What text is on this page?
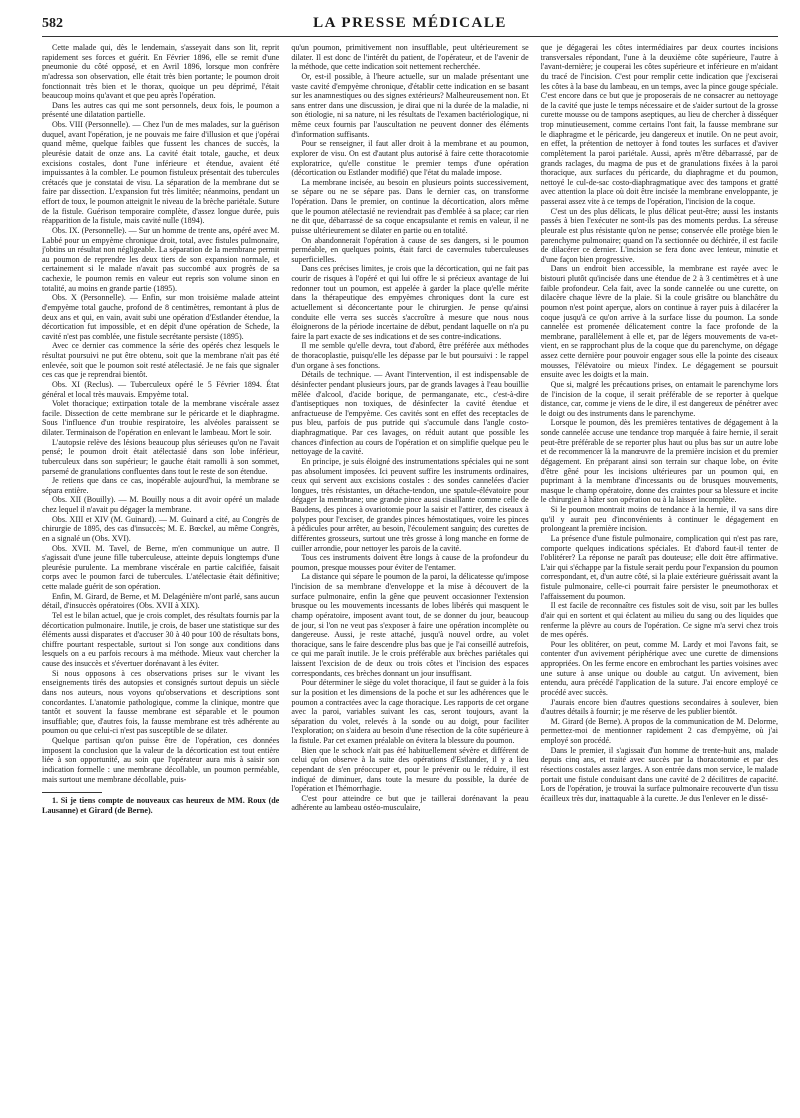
582	LA PRESSE MÉDICALE

Cette malade qui, dès le lendemain, s'asseyait dans son lit, reprit rapidement ses forces et guérit. En Février 1896, elle se remit d'une pneumonie du côté opposé, et en Avril 1896, lorsque mon confrère m'adressa son observation, elle était très bien portante; le poumon droit fonctionnait très bien et le thorax, quoique un peu déprimé, l'était beaucoup moins qu'avant et que peu après l'opération.

Dans les autres cas qui me sont personnels, deux fois, le poumon a présenté une dilatation partielle.

Obs. VIII (Personnelle). — Chez l'un de mes malades, sur la guérison duquel, avant l'opération, je ne pouvais me faire d'illusion et que j'opérai quand même, quelque faibles que fussent les chances de succès, la pleurésie datait de onze ans. La cavité était totale, gauche, et deux excisions costales, dont l'une inférieure et étendue, avaient été impuissantes à la combler. Le poumon fistuleux présentait des tubercules crétacés que je constatai de visu. La séparation de la membrane dut se faire par dissection. L'expansion fut très limitée; néanmoins, pendant un effort de toux, le poumon atteignit le niveau de la brèche pariétale. Suture de la fistule. Guérison temporaire complète, d'assez longue durée, puis réapparition de la fistule, mais cavité nulle (1894).

Obs. IX. (Personnelle). — Sur un homme de trente ans, opéré avec M. Labbé pour un empyème chronique droit, total, avec fistules pulmonaire, j'obtins un résultat non négligeable. La séparation de la membrane permit au poumon de reprendre les deux tiers de son expansion normale, et certainement si le malade n'avait pas succombé aux progrès de sa cachexie, le poumon remis en valeur eut repris son volume sinon en totalité, au moins en grande partie (1895).

Obs. X (Personnelle). — Enfin, sur mon troisième malade atteint d'empyème total gauche, profond de 8 centimètres, remontant à plus de deux ans et qui, en vain, avait subi une opération d'Estlander étendue, la décortication fut impossible, et en dépit d'une opération de Schede, la cavité n'est pas comblée, une fistule secrétante persiste (1895).

Avec ce dernier cas commence la série des opérés chez lesquels le résultat poursuivi ne put être obtenu, soit que la membrane n'ait pas été enlevée, soit que le poumon soit resté atélectasié. Je ne fais que signaler ces cas que je reprendrai bientôt.

Obs. XI (Reclus). — Tuberculeux opéré le 5 Février 1894. État général et local très mauvais. Empyème total.

Volet thoracique; extirpation totale de la membrane viscérale assez facile. Dissection de cette membrane sur le péricarde et le diaphragme. Sous l'influence d'un troubie respiratoire, les alvéoles paraissent se dilater. Terminaison de l'opération en enlevant le lambeau. Mort le soir.

L'autopsie relève des lésions beaucoup plus sérieuses qu'on ne l'avait pensé; le poumon droit était atélectasié dans son lobe inférieur, tuberculeux dans son supérieur; le gauche était ramolli à son sommet, parsemé de granulations confluentes dans tout le reste de son étendue.

Je retiens que dans ce cas, inopérable aujourd'hui, la membrane se sépara entière.

Obs. XII (Bouilly). — M. Bouilly nous a dit avoir opéré un malade chez lequel il n'avait pu dégager la membrane.

Obs. XIII et XIV (M. Guinard). — M. Guinard a cité, au Congrès de chirurgie de 1895, des cas d'insuccès; M. E. Bœckel, au même Congrès, en a signalé un (Obs. XVI).

Obs. XVII. M. Tavel, de Berne, m'en communique un autre. Il s'agissait d'une jeune fille tuberculeuse, atteinte depuis longtemps d'une pleurésie purulente. La membrane viscérale en partie calcifiée, faisait corps avec le poumon farci de tubercules. L'atélectasie était définitive; cette malade guérit de son opération.

Enfin, M. Girard, de Berne, et M. Delagénière m'ont parlé, sans aucun détail, d'insuccès opératoires (Obs. XVII à XIX).

Tel est le bilan actuel, que je crois complet, des résultats fournis par la décortication pulmonaire. Inutile, je crois, de baser une statistique sur des éléments aussi disparates et d'accuser 30 à 40 pour 100 de résultats bons, chiffre pourtant respectable, surtout si l'on songe aux conditions dans lesquels on a eu parfois recours à ma méthode. Mieux vaut chercher la cause des insuccès et s'évertuer dorénavant à les éviter.

Si nous opposons à ces observations prises sur le vivant les enseignements tirés des autopsies et consignés surtout depuis un siècle dans nos auteurs, nous voyons qu'observations et descriptions sont concordantes. L'anatomie pathologique, comme la clinique, montre que tantôt et souvent la fausse membrane est séparable et le poumon insuffiable; que, d'autres fois, la fausse membrane est très adhérente au poumon ou que celui-ci n'est pas susceptible de se dilater.

Quelque partisan qu'on puisse être de l'opération, ces données imposent la conclusion que la valeur de la décortication est tout entière liée à son opportunité, au soin que l'opérateur aura mis à saisir son indication formelle : une membrane décollable, un poumon perméable, mais surtout une membrane décollable, puis-

1. Si je tiens compte de nouveaux cas heureux de MM. Roux (de Lausanne) et Girard (de Berne).

qu'un poumon, primitivement non insufflable, peut ultérieurement se dilater. Il est donc de l'intérêt du patient, de l'opérateur, et de l'avenir de la méthode, que cette indication soit nettement recherchée.

Or, est-il possible, à l'heure actuelle, sur un malade présentant une vaste cavité d'empyème chronique, d'établir cette indication en se basant sur les anamnestiques ou des signes extérieurs? Malheureusement non. Et sans entrer dans une discussion, je dirai que ni la durée de la maladie, ni son étiologie, ni sa nature, ni les résultats de l'examen bactériologique, ni même ceux fournis par l'auscultation ne peuvent donner des éléments d'information suffisants.

Pour se renseigner, il faut aller droit à la membrane et au poumon, explorer de visu. On est d'autant plus autorisé à faire cette thoracotomie exploratrice, qu'elle constitue le premier temps d'une opération (décortication ou Estlander modifié) que l'état du malade impose.

La membrane incisée, au besoin en plusieurs points successivement, se sépare ou ne se sépare pas. Dans le dernier cas, on transforme l'opération. Dans le premier, on continue la décortication, alors même que le poumon atélectasié ne reviendrait pas d'emblée à sa place; car rien ne dit que, débarrassé de sa coque encapsulante et remis en valeur, il ne puisse ultérieurement se dilater en partie ou en totalité.

On abandonnerait l'opération à cause de ses dangers, si le poumon perméable, en quelques points, était farci de cavernules tuberculeuses superficielles.

Dans ces précises limites, je crois que la décortication, qui ne fait pas courir de risques à l'opéré et qui lui offre le si précieux avantage de lui redonner tout un poumon, est appelée à garder la place qu'elle mérite dans la thérapeutique des empyèmes chroniques dont la cure est actuellement si déconcertante pour le chirurgien. Je pense qu'ainsi conduite elle verra ses succès s'accroître à mesure que nous nous éloignerons de la période incertaine de début, pendant laquelle on n'a pu faire la part exacte de ses indications et de ses contre-indications.

Il me semble qu'elle devra, tout d'abord, être préférée aux méthodes de thoracoplastie, puisqu'elle les dépasse par le but poursuivi : le rappel d'un organe à ses fonctions.

Détails de technique. — Avant l'intervention, il est indispensable de désinfecter pendant plusieurs jours, par de grands lavages à l'eau bouillie mêlée d'alcool, d'acide borique, de permanganate, etc., c'est-à-dire d'antiseptiques non toxiques, de désinfecter la cavité étendue et anfractueuse de l'empyème. Ces cavités sont en effet des receptacles de pus bleu, parfois de pus putride qui s'accumule dans l'angle costo-diaphragmatique. Par ces lavages, on réduit autant que possible les chances d'infection au cours de l'opération et on simplifie quelque peu le nettoyage de la cavité.

En principe, je suis éloigné des instrumentations spéciales qui ne sont pas absolument imposées. Ici peuvent suffire les instruments ordinaires, ceux qui servent aux excisions costales : des sondes cannelées d'acier longues, très résistantes, un détache-tendon, une spatule-élévatoire pour dégager la membrane; une grande pince aussi cisaillante comme celle de Baudens, des pinces à ovariotomie pour la saisir et l'attirer, des ciseaux à polypes pour l'exciser, de grandes pinces hémostatiques, voire les pinces à pédicules pour arrêter, au besoin, l'écoulement sanguin; des curettes de différentes grosseurs, surtout une très grosse à long manche en forme de cuiller arrondie, pour nettoyer les parois de la cavité.

Tous ces instruments doivent être longs à cause de la profondeur du poumon, presque mousses pour éviter de l'entamer.

La distance qui sépare le poumon de la paroi, la délicatesse qu'impose l'incision de sa membrane d'enveloppe et la mise à découvert de la surface pulmonaire, enfin la gêne que peuvent occasionner l'extension brusque ou les mouvements incessants de lobes libérés qui masquent le champ opératoire, imposent avant tout, de se donner du jour, beaucoup de jour, si l'on ne veut pas s'exposer à faire une opération incomplète ou dangereuse. Aussi, je reste attaché, jusqu'à nouvel ordre, au volet thoracique, sans le faire descendre plus bas que je l'ai conseillé autrefois, ce qui me paraît inutile. Je le crois préférable aux brèches pariétales qui laissent l'excision de de deux ou trois côtes et l'incision des espaces correspondants, ces brèches donnant un jour insuffisant.

Pour déterminer le siège du volet thoracique, il faut se guider à la fois sur la position et les dimensions de la poche et sur les adhérences que le poumon a contractées avec la cage thoracique. Les rapports de cet organe avec la paroi, variables suivant les cas, seront toujours, avant la séparation du volet, relevés à la sonde ou au doigt, pour faciliter l'exploration; on s'aidera au besoin d'une résection de la côte supérieure à la fistule. Par cet examen préalable on évitera la blessure du poumon.

Bien que le schock n'ait pas été habituellement sévère et différent de celui qu'on observe à la suite des opérations d'Estlander, il y a lieu cependant de s'en préoccuper et, pour le prévenir ou le réduire, il est indiqué de diminuer, dans toute la mesure du possible, la durée de l'opération et l'hémorrhagie.

C'est pour atteindre ce but que je taillerai dorénavant la peau adhérente au lambeau ostéo-musculaire,

que je dégagerai les côtes intermédiaires par deux courtes incisions transversales répondant, l'une à la deuxième côte supérieure, l'autre à l'avant-dernière; je couperai les côtes supérieure et inférieure en m'aidant du tracé de l'incision. C'est pour remplir cette indication que j'exciserai les côtes à la base du lambeau, en un temps, avec la pince gouge spéciale. C'est encore dans ce but que je proposerais de ne consacrer au nettoyage de la cavité que juste le temps nécessaire et de s'aider surtout de la grosse curette mousse ou de tampons aseptiques, au lieu de chercher à disséquer trop minutieusement, comme certains l'ont fait, la fausse membrane sur le diaphragme et le péricarde, jeu dangereux et inutile. On ne peut avoir, en effet, la prétention de nettoyer à fond toutes les surfaces et d'aviver complètement la paroi pariétale. Aussi, après m'être débarrassé, par de grands raclages, du magma de pus et de granulations fixées à la paroi thoracique, aux surfaces du péricarde, du diaphragme et du poumon, nettoyé le cul-de-sac costo-diaphragmatique avec des tampons et gratté avec attention la place où doit être incisée la membrane enveloppante, je passerai assez vite à ce temps de l'opération, l'incision de la coque.

C'est un des plus délicats, le plus délicat peut-être; aussi les instants passés à bien l'exécuter ne sont-ils pas des moments perdus. La séreuse pleurale est plus résistante qu'on ne pense; conservée elle protège bien le parenchyme pulmonaire; quand on l'a sectionnée ou déchirée, il est facile de dilacérer ce dernier. L'incision se fera donc avec lenteur, minutie et d'une façon bien progressive.

Dans un endroit bien accessible, la membrane est rayée avec le bistouri plutôt qu'incisée dans une étendue de 2 à 3 centimètres et à une faible profondeur. Cela fait, avec la sonde cannelée ou une curette, on dilacère chaque lèvre de la plaie. Si la coule grisâtre ou blanchâtre du poumon n'est point aperçue, alors on continue à rayer puis à dilacérer la coque jusqu'à ce qu'on arrive à la surface lisse du poumon. La sonde cannelée est promenée délicatement contre la face profonde de la membrane, parallèlement à elle et, par de légers mouvements de va-et-vient, en se rapprochant plus de la coque que du parenchyme, on dégage assez cette dernière pour pouvoir engager sous elle la pointe des ciseaux mousses, l'élévatoire ou mieux l'index. Le dégagement se poursuit ensuite avec les doigts et la main.

Que si, malgré les précautions prises, on entamait le parenchyme lors de l'incision de la coque, il serait préférable de se reporter à quelque distance, car, comme je viens de le dire, il est dangereux de pénétrer avec le doigt ou des instruments dans le parenchyme.

Lorsque le poumon, dès les premières tentatives de dégagement à la sonde cannelée accuse une tendance trop marquée à faire hernie, il serait peut-être préférable de se reporter plus haut ou plus bas sur un autre lobe et de recommencer là la manœuvre de la première incision et du premier dégagement. En préparant ainsi son terrain sur chaque lobe, on évite d'être gêné pour les incisions ultérieures par un poumon qui, en puprimant à la membrane d'incessants ou de brusques mouvements, masque le champ opératoire, donne des craintes pour sa blessure et incite le chirurgien à hâter son opération ou à la laisser incomplète.

Si le poumon montrait moins de tendance à la hernie, il va sans dire qu'il y aurait peu d'inconvénients à continuer le dégagement en prolongeant la première incision.

La présence d'une fistule pulmonaire, complication qui n'est pas rare, comporte quelques indications spéciales. Et d'abord faut-il tenter de l'oblitérer? La réponse ne paraît pas douteuse; elle doit être affirmative. L'air qui s'échappe par la fistule serait perdu pour l'expansion du poumon correspondant, et, d'un autre côté, si la plaie extérieure guérissait avant la fistule pulmonaire, celle-ci pourrait faire persister le pneumothorax et l'affaissement du poumon.

Il est facile de reconnaître ces fistules soit de visu, soit par les bulles d'air qui en sortent et qui éclatent au milieu du sang ou des liquides que renferme la plèvre au cours de l'opération. Ce signe m'a servi chez trois de mes opérés.

Pour les oblitérer, on peut, comme M. Lardy et moi l'avons fait, se contenter d'un avivement périphérique avec une curette de dimensions appropriées. On les ferme encore en embrochant les parties voisines avec une suture à anse unique ou double au catgut. Un avivement, bien entendu, aura précédé l'application de la suture. J'ai encore employé ce procédé avec succès.

J'aurais encore bien d'autres questions secondaires à soulever, bien d'autres détails à fournir; je me réserve de les publier bientôt.

M. Girard (de Berne). A propos de la communication de M. Delorme, permettez-moi de mentionner rapidement 2 cas d'empyème, où j'ai employé son procédé.

Dans le premier, il s'agissait d'un homme de trente-huit ans, malade depuis cinq ans, et traité avec succès par la thoracotomie et par des résections costales assez larges. A son entrée dans mon service, le malade portait une fistule conduisant dans une cavité de 2 décilitres de capacité. Lors de l'opération, je trouvai la surface pulmonaire recouverte d'un tissu écailleux très dur, inattaquable à la curette. Je dus l'enlever en le dissé-
